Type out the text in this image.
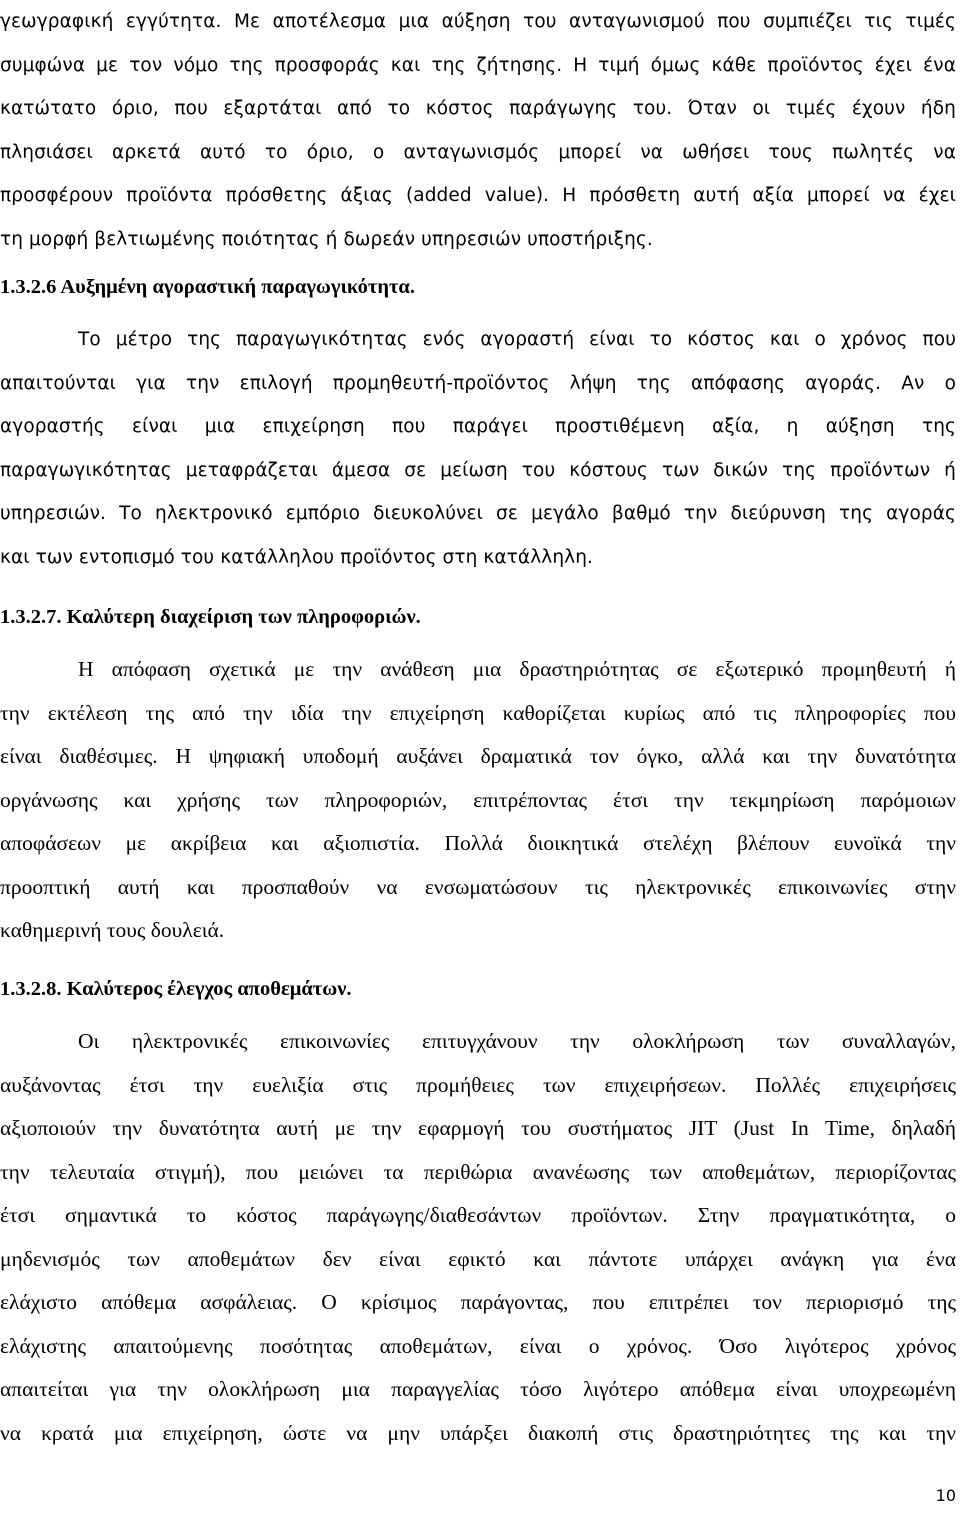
γεωγραφική εγγύτητα. Με αποτέλεσμα μια αύξηση του ανταγωνισμού που συμπιέζει τις τιμές
συμφώνα με τον νόμο της προσφοράς και της ζήτησης. Η τιμή όμως κάθε προϊόντος έχει ένα
κατώτατο όριο, που εξαρτάται από το κόστος παράγωγης του. Όταν οι τιμές έχουν ήδη
πλησιάσει αρκετά αυτό το όριο, ο ανταγωνισμός μπορεί να ωθήσει τους πωλητές να
προσφέρουν προϊόντα πρόσθετης άξιας (added value). Η πρόσθετη αυτή αξία μπορεί να έχει
τη μορφή βελτιωμένης ποιότητας ή δωρεάν υπηρεσιών υποστήριξης.
1.3.2.6 Αυξημένη αγοραστική παραγωγικότητα.
Το μέτρο της παραγωγικότητας ενός αγοραστή είναι το κόστος και ο χρόνος που
απαιτούνται για την επιλογή προμηθευτή-προϊόντος λήψη της απόφασης αγοράς. Αν ο
αγοραστής είναι μια επιχείρηση που παράγει προστιθέμενη αξία, η αύξηση της
παραγωγικότητας μεταφράζεται άμεσα σε μείωση του κόστους των δικών της προϊόντων ή
υπηρεσιών. Το ηλεκτρονικό εμπόριο διευκολύνει σε μεγάλο βαθμό την διεύρυνση της αγοράς
και των εντοπισμό του κατάλληλου προϊόντος στη κατάλληλη.
1.3.2.7. Καλύτερη διαχείριση των πληροφοριών.
Η απόφαση σχετικά με την ανάθεση μια δραστηριότητας σε εξωτερικό προμηθευτή ή
την εκτέλεση της από την ιδία την επιχείρηση καθορίζεται κυρίως από τις πληροφορίες που
είναι διαθέσιμες. Η ψηφιακή υποδομή αυξάνει δραματικά τον όγκο, αλλά και την δυνατότητα
οργάνωσης και χρήσης των πληροφοριών, επιτρέποντας έτσι την τεκμηρίωση παρόμοιων
αποφάσεων με ακρίβεια και αξιοπιστία. Πολλά διοικητικά στελέχη βλέπουν ευνοϊκά την
προοπτική αυτή και προσπαθούν να ενσωματώσουν τις ηλεκτρονικές επικοινωνίες στην
καθημερινή τους δουλειά.
1.3.2.8. Καλύτερος έλεγχος αποθεμάτων.
Οι ηλεκτρονικές επικοινωνίες επιτυγχάνουν την ολοκλήρωση των συναλλαγών,
αυξάνοντας έτσι την ευελιξία στις προμήθειες των επιχειρήσεων. Πολλές επιχειρήσεις
αξιοποιούν την δυνατότητα αυτή με την εφαρμογή του συστήματος JIT (Just In Time, δηλαδή
την τελευταία στιγμή), που μειώνει τα περιθώρια ανανέωσης των αποθεμάτων, περιορίζοντας
έτσι σημαντικά το κόστος παράγωγης/διαθεσάντων προϊόντων. Στην πραγματικότητα, ο
μηδενισμός των αποθεμάτων δεν είναι εφικτό και πάντοτε υπάρχει ανάγκη για ένα
ελάχιστο απόθεμα ασφάλειας. Ο κρίσιμος παράγοντας, που επιτρέπει τον περιορισμό της
ελάχιστης απαιτούμενης ποσότητας αποθεμάτων, είναι ο χρόνος. Όσο λιγότερος χρόνος
απαιτείται για την ολοκλήρωση μια παραγγελίας τόσο λιγότερο απόθεμα είναι υποχρεωμένη
να κρατά μια επιχείρηση, ώστε να μην υπάρξει διακοπή στις δραστηριότητες της και την
10
